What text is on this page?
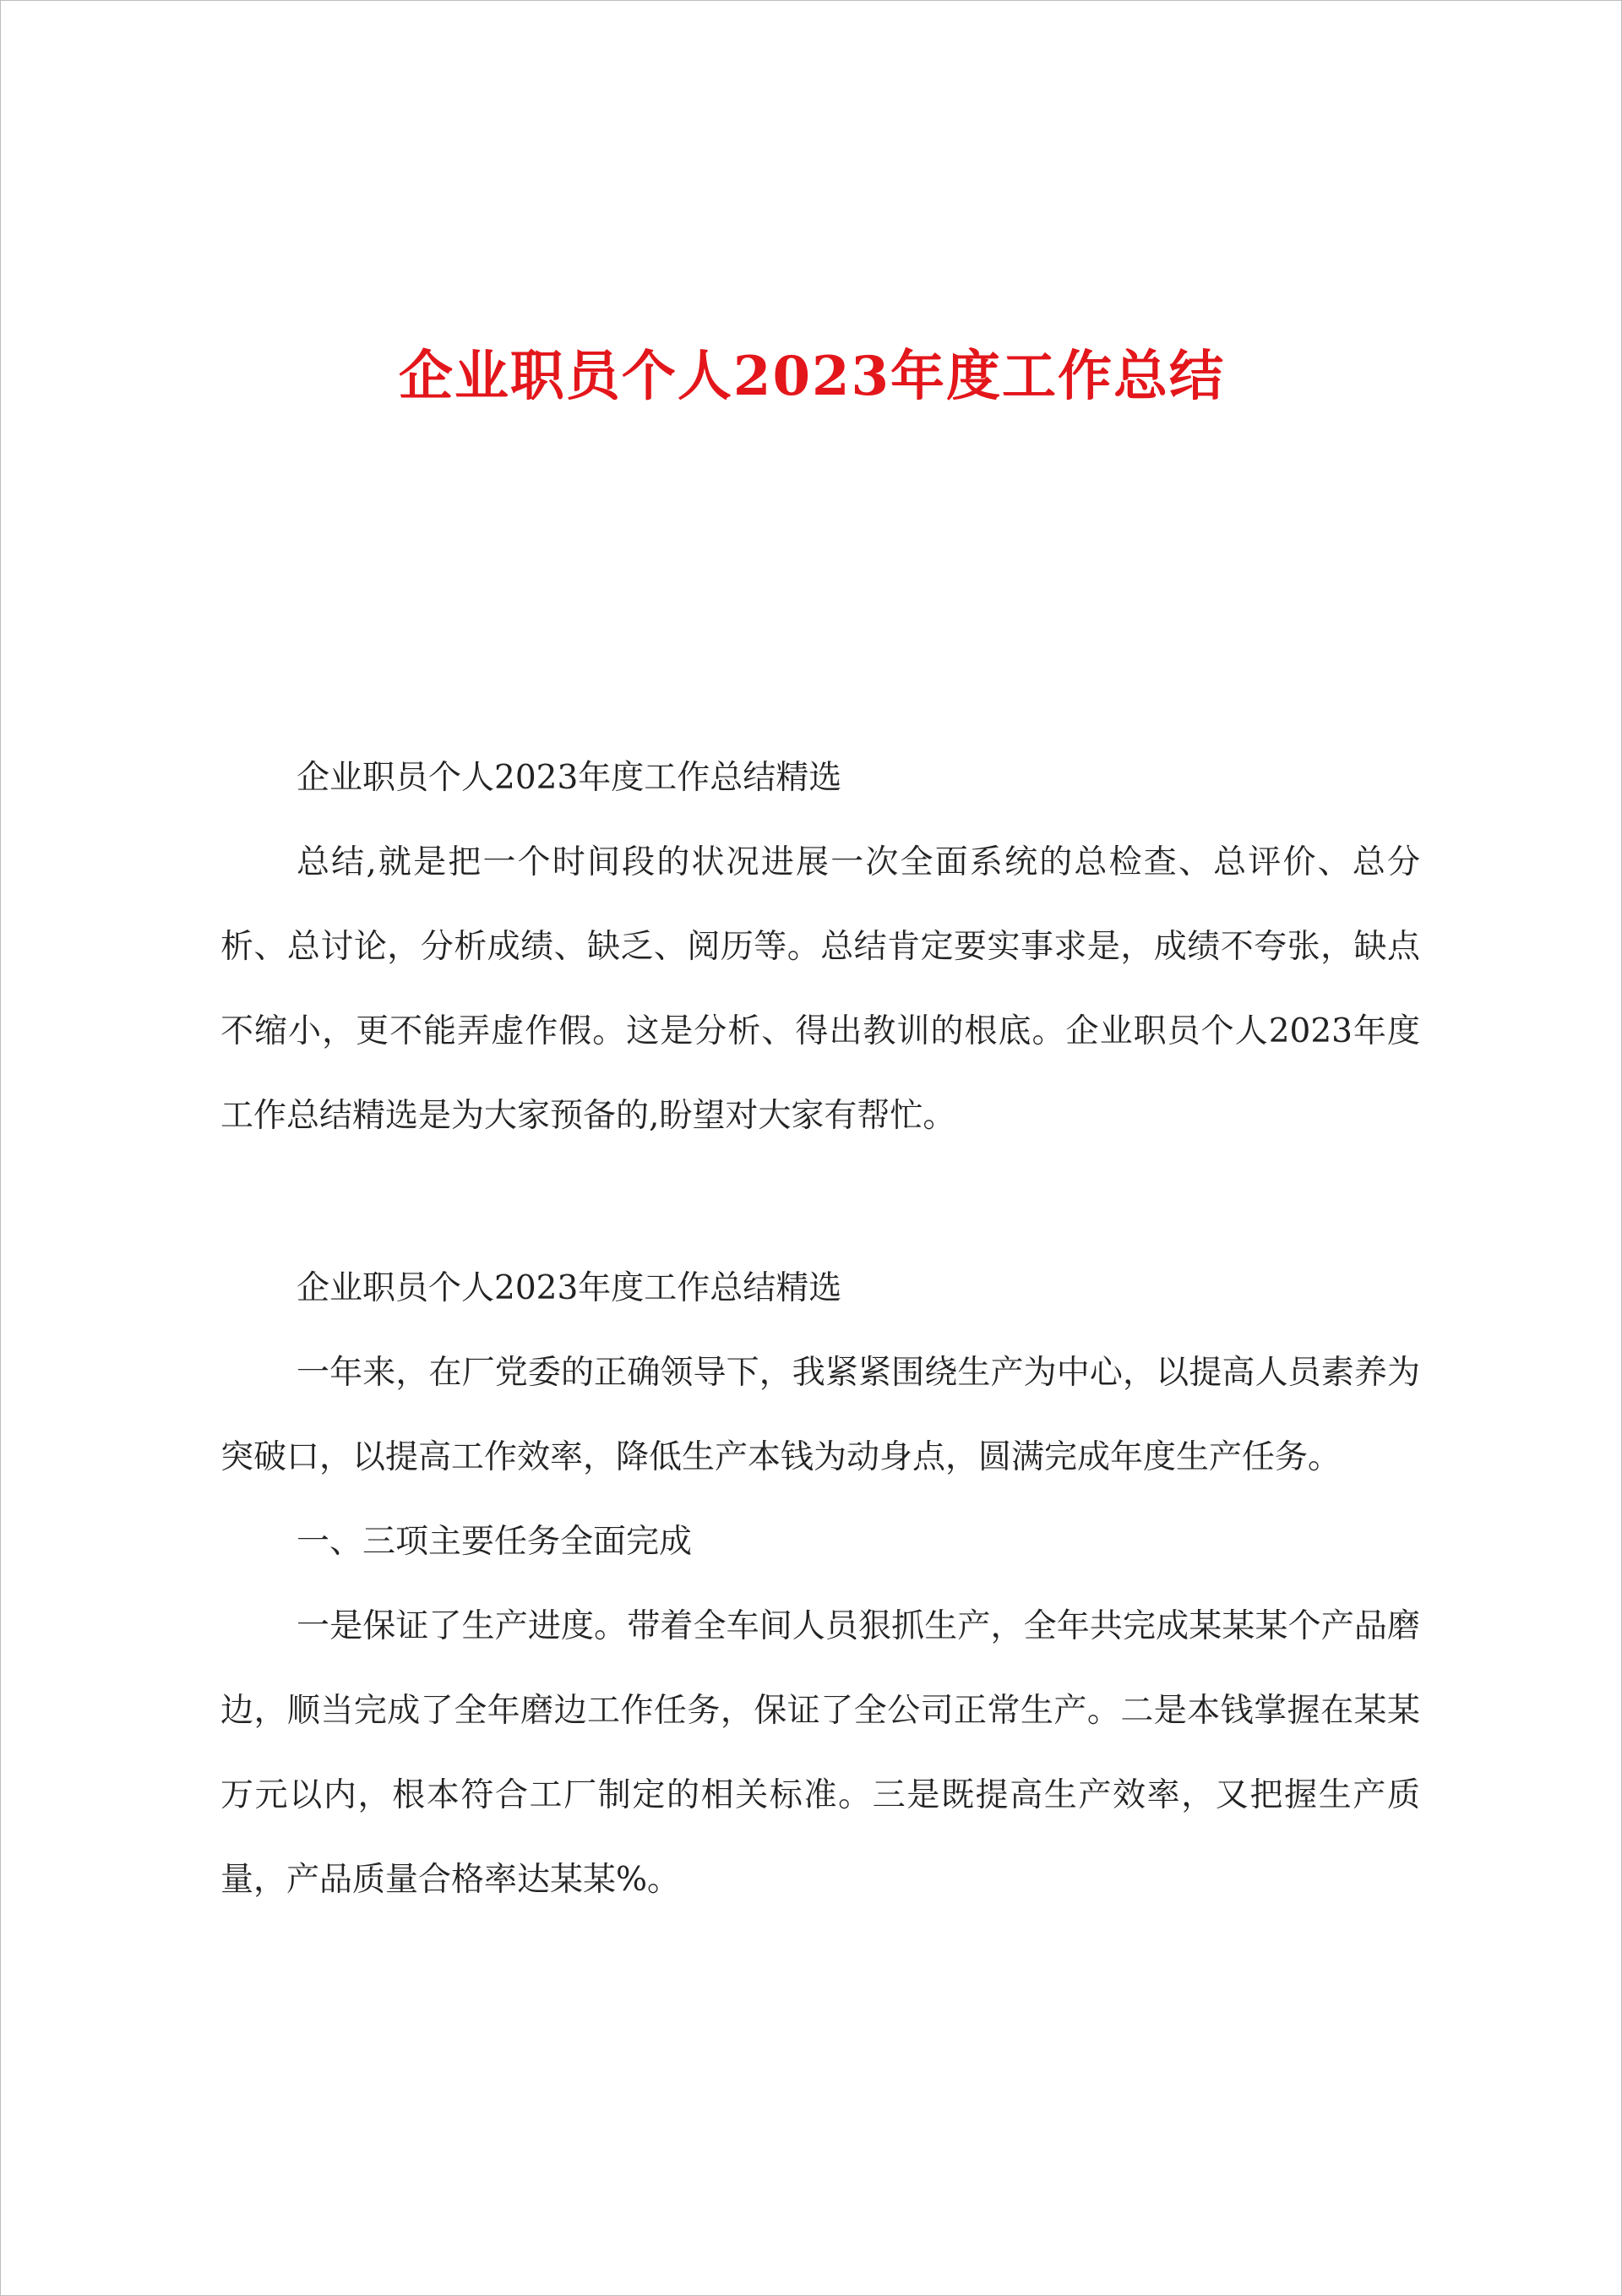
企业职员个人2023年度工作总结

企业职员个人2023年度工作总结精选

总结,就是把一个时间段的状况进展一次全面系统的总检查、总评价、总分析、总讨论，分析成绩、缺乏、阅历等。总结肯定要实事求是，成绩不夸张，缺点不缩小，更不能弄虚作假。这是分析、得出教训的根底。企业职员个人2023年度工作总结精选是为大家预备的,盼望对大家有帮忙。

企业职员个人2023年度工作总结精选

一年来，在厂党委的正确领导下，我紧紧围绕生产为中心，以提高人员素养为突破口，以提高工作效率，降低生产本钱为动身点，圆满完成年度生产任务。

一、三项主要任务全面完成

一是保证了生产进度。带着全车间人员狠抓生产，全年共完成某某某个产品磨边，顺当完成了全年磨边工作任务，保证了全公司正常生产。二是本钱掌握在某某万元以内，根本符合工厂制定的相关标准。三是既提高生产效率，又把握生产质量，产品质量合格率达某某%。
